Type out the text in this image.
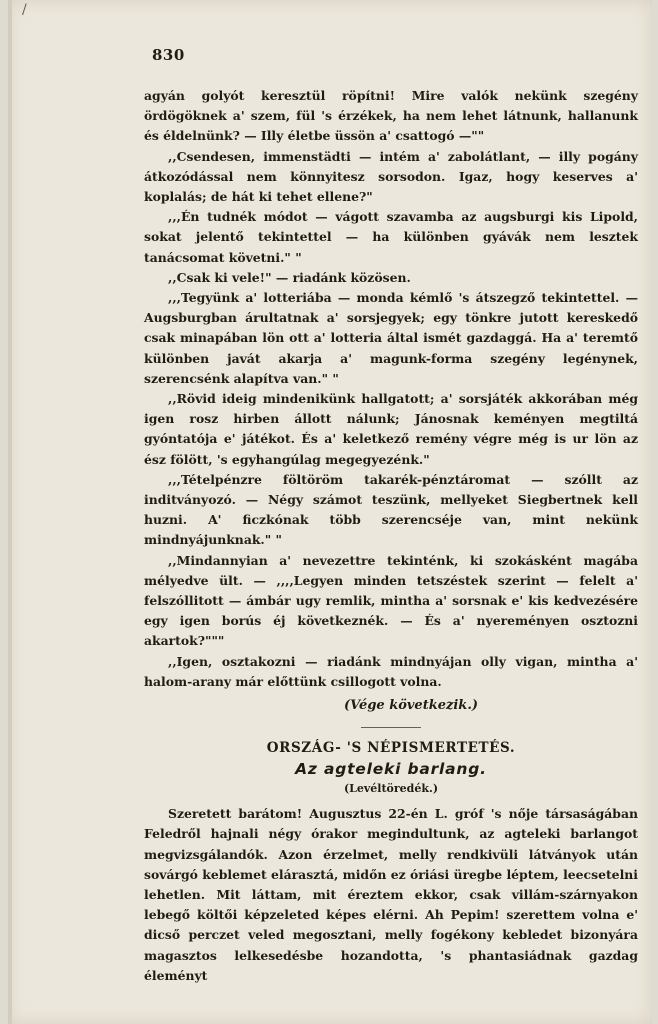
/
830

agyán golyót keresztül röpítni! Mire valók nekünk szegény ördögöknek a' szem, fül 's érzékek, ha nem lehet látnunk, hallanunk és éldelnünk? — Illy életbe üssön a' csattogó —""

,,Csendesen, immenstädti — intém a' zabolátlant, — illy pogány átkozódással nem könnyitesz sorsodon. Igaz, hogy keserves a' koplalás; de hát ki tehet ellene?"

,,,Én tudnék módot — vágott szavamba az augsburgi kis Lipold, sokat jelentő tekintettel — ha különben gyávák nem lesztek tanácsomat követni." "

,,Csak ki vele!" — riadánk közösen.

,,,Tegyünk a' lotteriába — monda kémlő 's átszegző tekintettel. — Augsburgban árultatnak a' sorsjegyek; egy tönkre jutott kereskedő csak minapában lön ott a' lotteria által ismét gazdaggá. Ha a' teremtő különben javát akarja a' magunk-forma szegény legénynek, szerencsénk alapítva van." "

,,Rövid ideig mindenikünk hallgatott; a' sorsjáték akkorában még igen rosz hirben állott nálunk; Jánosnak keményen megtiltá gyóntatója e' játékot. És a' keletkező remény végre még is ur lön az ész fölött, 's egyhangúlag megegyezénk."

,,,Tételpénzre föltöröm takarék-pénztáromat — szóllt az inditványozó. — Négy számot teszünk, mellyeket Siegbertnek kell huzni. A' ficzkónak több szerencséje van, mint nekünk mindnyájunknak." "

,,Mindannyian a' nevezettre tekinténk, ki szokásként magába mélyedve ült. — ,,,,Legyen minden tetszéstek szerint — felelt a' felszóllitott — ámbár ugy remlik, mintha a' sorsnak e' kis kedvezésére egy igen borús éj következnék. — És a' nyereményen osztozni akartok?"""

,,Igen, osztakozni — riadánk mindnyájan olly vigan, mintha a' halom-arany már előttünk csillogott volna.

(Vége következik.)
ORSZÁG- 'S NÉPISMERTETÉS.
Az agteleki barlang.
(Levéltöredék.)

Szeretett barátom! Augusztus 22-én L. gróf 's nője társaságában Feledről hajnali négy órakor megindultunk, az agteleki barlangot megvizsgálandók. Azon érzelmet, melly rendkivüli látványok után sovárgó keblemet elárasztá, midőn ez óriási üregbe léptem, leecsetelni lehetlen. Mit láttam, mit éreztem ekkor, csak villám-szárnyakon lebegő költői képzeleted képes elérni. Ah Pepim! szerettem volna e' dicső perczet veled megosztani, melly fogékony kebledet bizonyára magasztos lelkesedésbe hozandotta, 's phantasiádnak gazdag éleményt
